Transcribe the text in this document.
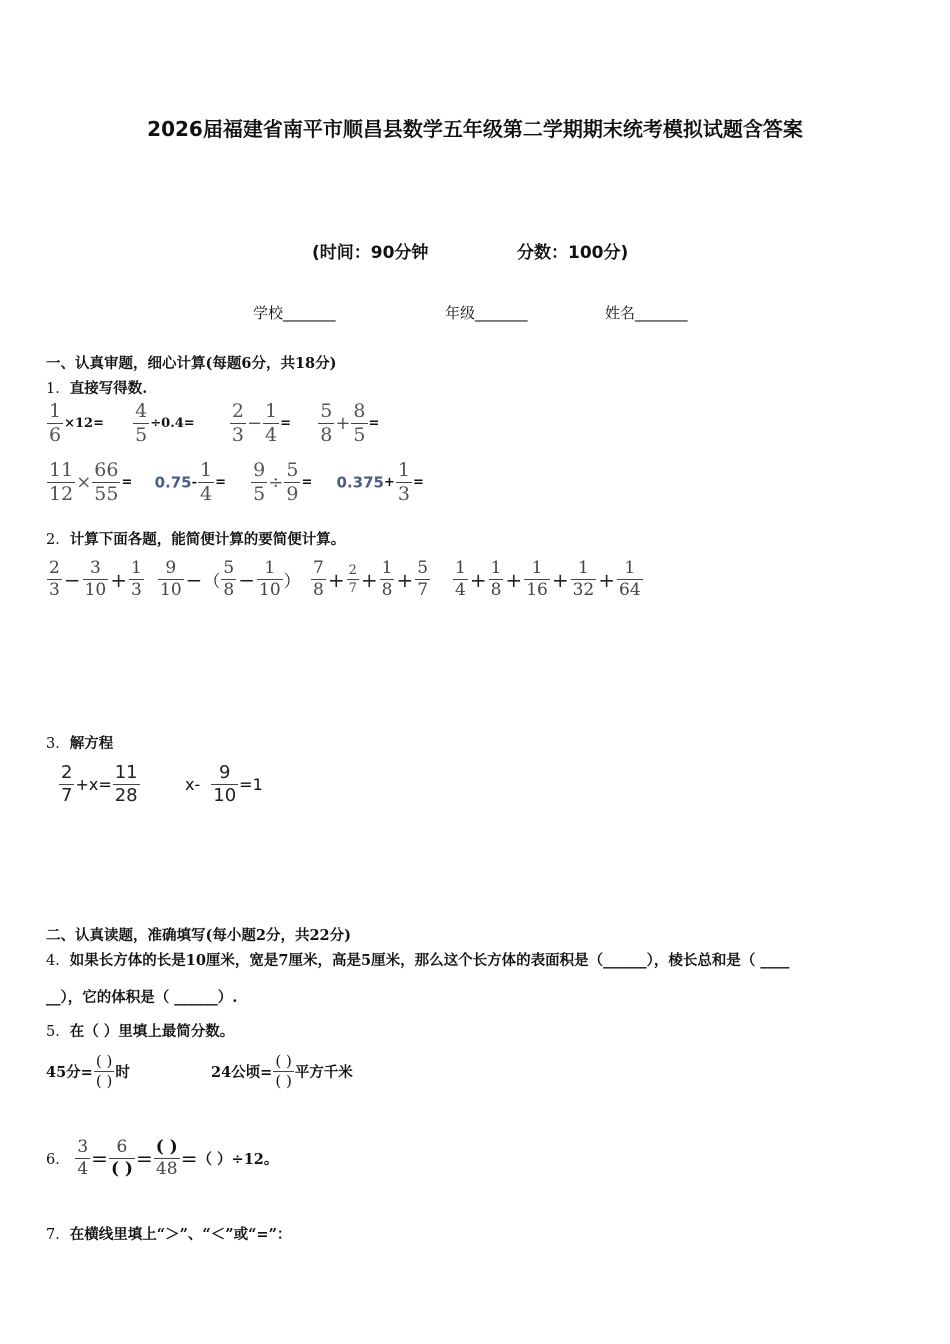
2026届福建省南平市顺昌县数学五年级第二学期期末统考模拟试题含答案
(时间：90分钟	分数：100分)
学校_______	年级_______	姓名_______
一、认真审题，细心计算(每题6分，共18分)
1．直接写得数.
$\frac{1}{6} \times 12= \frac{4}{5} \div 0.4= \frac{2}{3} - \frac{1}{4} = \frac{5}{8} + \frac{8}{5}$ =
$\frac{11}{12} \times \frac{66}{55} = 0.75- \frac{1}{4} = \frac{9}{5} \div \frac{5}{9} = 0.375+ \frac{1}{3}$ =
2．计算下面各题，能简便计算的要简便计算。
$\frac{2}{3} - \frac{3}{10} + \frac{1}{3} \frac{9}{10}$ −（ $\frac{5}{8} - \frac{1}{10}$ ） $\frac{7}{8} + \frac{2}{7} + \frac{1}{8} + \frac{5}{7} \frac{1}{4} + \frac{1}{8} + \frac{1}{16} + \frac{1}{32} + \frac{1}{64}$
3．解方程
$\frac{2}{7} +x= \frac{11}{28}$	$x- \frac{9}{10} =1$
二、认真读题，准确填写(每小题2分，共22分)
4．如果长方体的长是10厘米，宽是7厘米，高是5厘米，那么这个长方体的表面积是（______），棱长总和是（ ____
__），它的体积是（ ______）.
5．在（ ）里填上最简分数。
45分= $\frac{( )}{( )}$ 时	24公顷= $\frac{( )}{( )}$ 平方千米
6． $\frac{3}{4} = \frac{6}{( )} = \frac{( )}{48}$ =（ ）÷12。
7．在横线里填上“＞”、“＜”或“=”：
